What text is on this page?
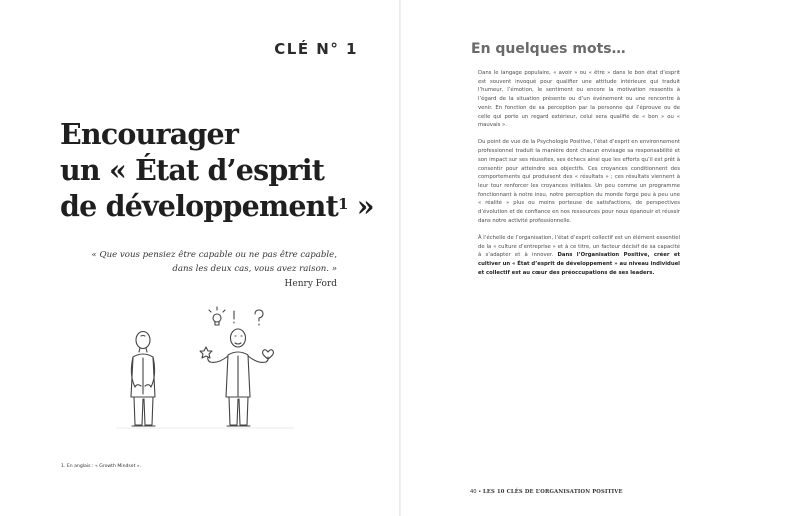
CLÉ N° 1
Encourager
un « État d’esprit
de développement$^1$ »
« Que vous pensiez être capable ou ne pas être capable,
dans les deux cas, vous avez raison. »
Henry Ford
1. En anglais : « Growth Mindset ».
En quelques mots…

Dans le langage populaire, « avoir » ou « être » dans le bon état d’esprit est souvent invoqué pour qualifier une attitude intérieure qui traduit l’humeur, l’émotion, le sentiment ou encore la motivation ressentis à l’égard de la situation présente ou d’un événement ou une rencontre à venir. En fonction de sa perception par la personne qui l’éprouve ou de celle qui porte un regard extérieur, celui sera qualifié de « bon » ou « mauvais ».

Du point de vue de la Psychologie Positive, l’état d’esprit en environnement professionnel traduit la manière dont chacun envisage sa responsabilité et son impact sur ses réussites, ses échecs ainsi que les efforts qu’il est prêt à consentir pour atteindre ses objectifs. Ces croyances conditionnent des comportements qui produisent des « résultats » ; ces résultats viennent à leur tour renforcer les croyances initiales. Un peu comme un programme fonctionnant à notre insu, notre perception du monde forge peu à peu une « réalité » plus ou moins porteuse de satisfactions, de perspectives d’évolution et de confiance en nos ressources pour nous épanouir et réussir dans notre activité professionnelle.

À l’échelle de l’organisation, l’état d’esprit collectif est un élément essentiel de la « culture d’entreprise » et à ce titre, un facteur décisif de sa capacité à s’adapter et à innover. Dans l’Organisation Positive, créer et cultiver un « État d’esprit de développement » au niveau individuel et collectif est au cœur des préoccupations de ses leaders.

40 • LES 10 CLÉS DE L’ORGANISATION POSITIVE
